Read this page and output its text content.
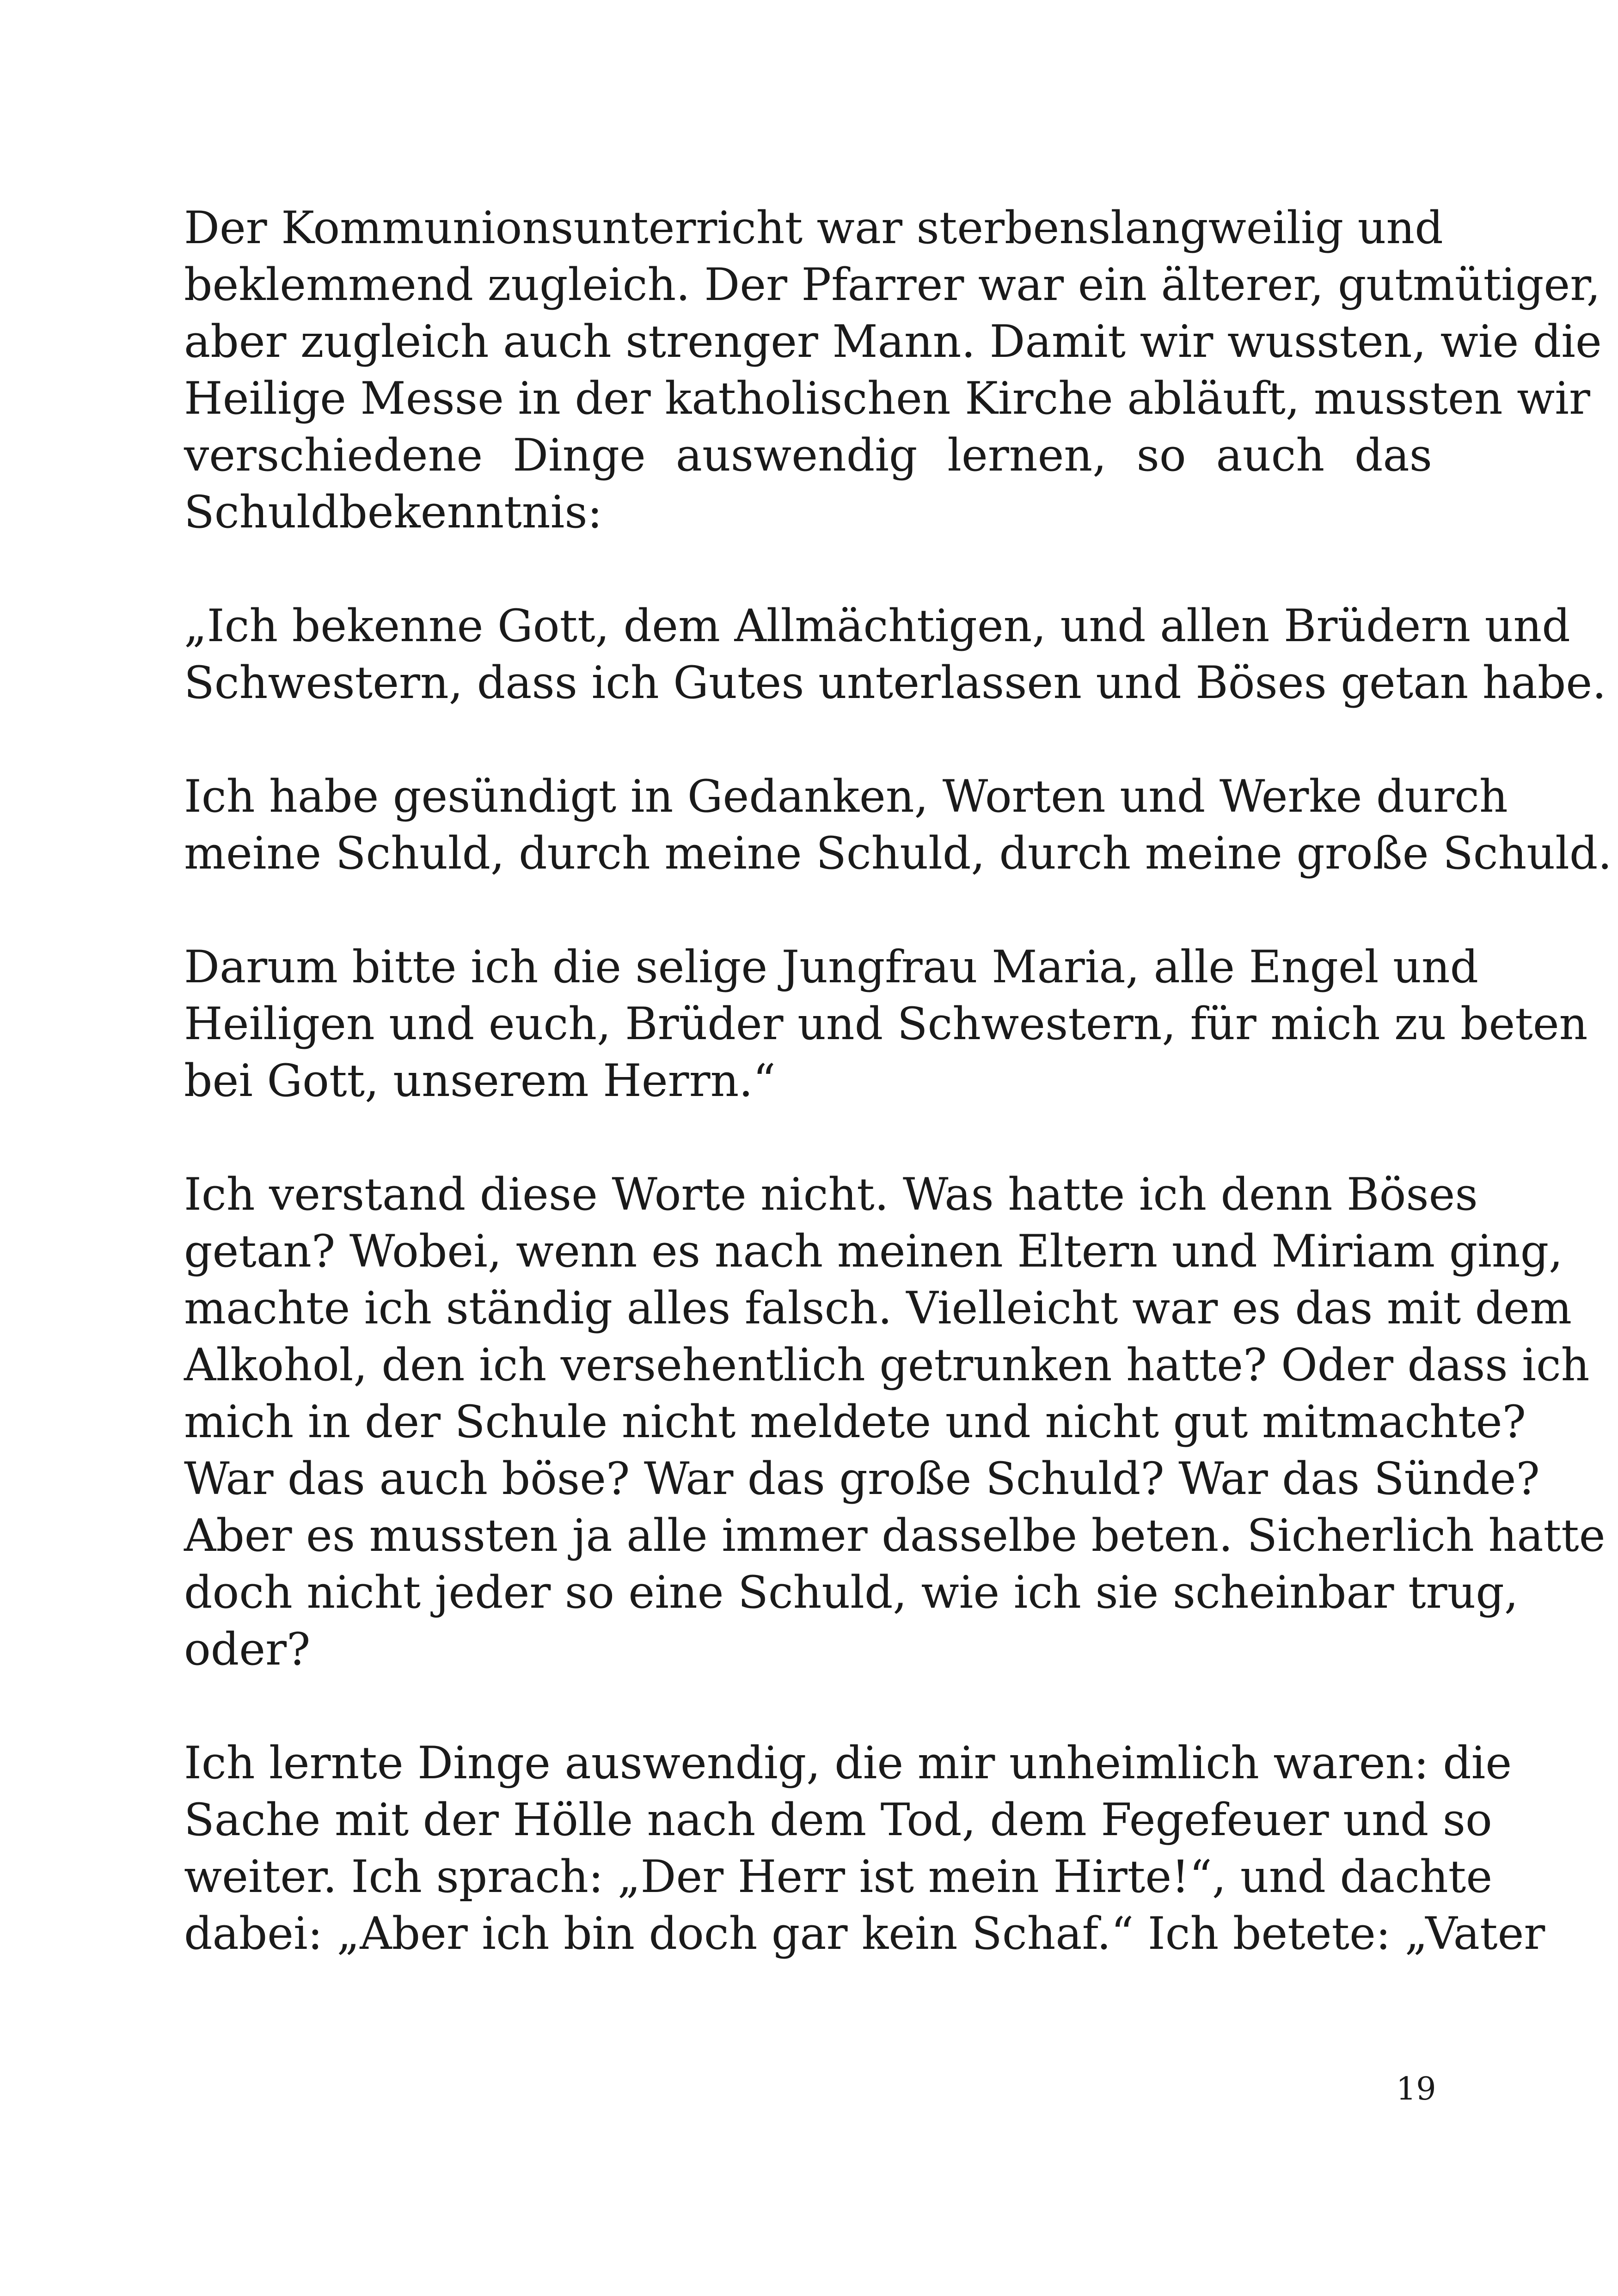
Der Kommunionsunterricht war sterbenslangweilig und
beklemmend zugleich. Der Pfarrer war ein älterer, gutmütiger,
aber zugleich auch strenger Mann. Damit wir wussten, wie die
Heilige Messe in der katholischen Kirche abläuft, mussten wir
verschiedene Dinge auswendig lernen, so auch das
Schuldbekenntnis:

„Ich bekenne Gott, dem Allmächtigen, und allen Brüdern und
Schwestern, dass ich Gutes unterlassen und Böses getan habe.

Ich habe gesündigt in Gedanken, Worten und Werke durch
meine Schuld, durch meine Schuld, durch meine große Schuld.

Darum bitte ich die selige Jungfrau Maria, alle Engel und
Heiligen und euch, Brüder und Schwestern, für mich zu beten
bei Gott, unserem Herrn.“

Ich verstand diese Worte nicht. Was hatte ich denn Böses
getan? Wobei, wenn es nach meinen Eltern und Miriam ging,
machte ich ständig alles falsch. Vielleicht war es das mit dem
Alkohol, den ich versehentlich getrunken hatte? Oder dass ich
mich in der Schule nicht meldete und nicht gut mitmachte?
War das auch böse? War das große Schuld? War das Sünde?
Aber es mussten ja alle immer dasselbe beten. Sicherlich hatte
doch nicht jeder so eine Schuld, wie ich sie scheinbar trug,
oder?

Ich lernte Dinge auswendig, die mir unheimlich waren: die
Sache mit der Hölle nach dem Tod, dem Fegefeuer und so
weiter. Ich sprach: „Der Herr ist mein Hirte!“, und dachte
dabei: „Aber ich bin doch gar kein Schaf.“ Ich betete: „Vater

19
